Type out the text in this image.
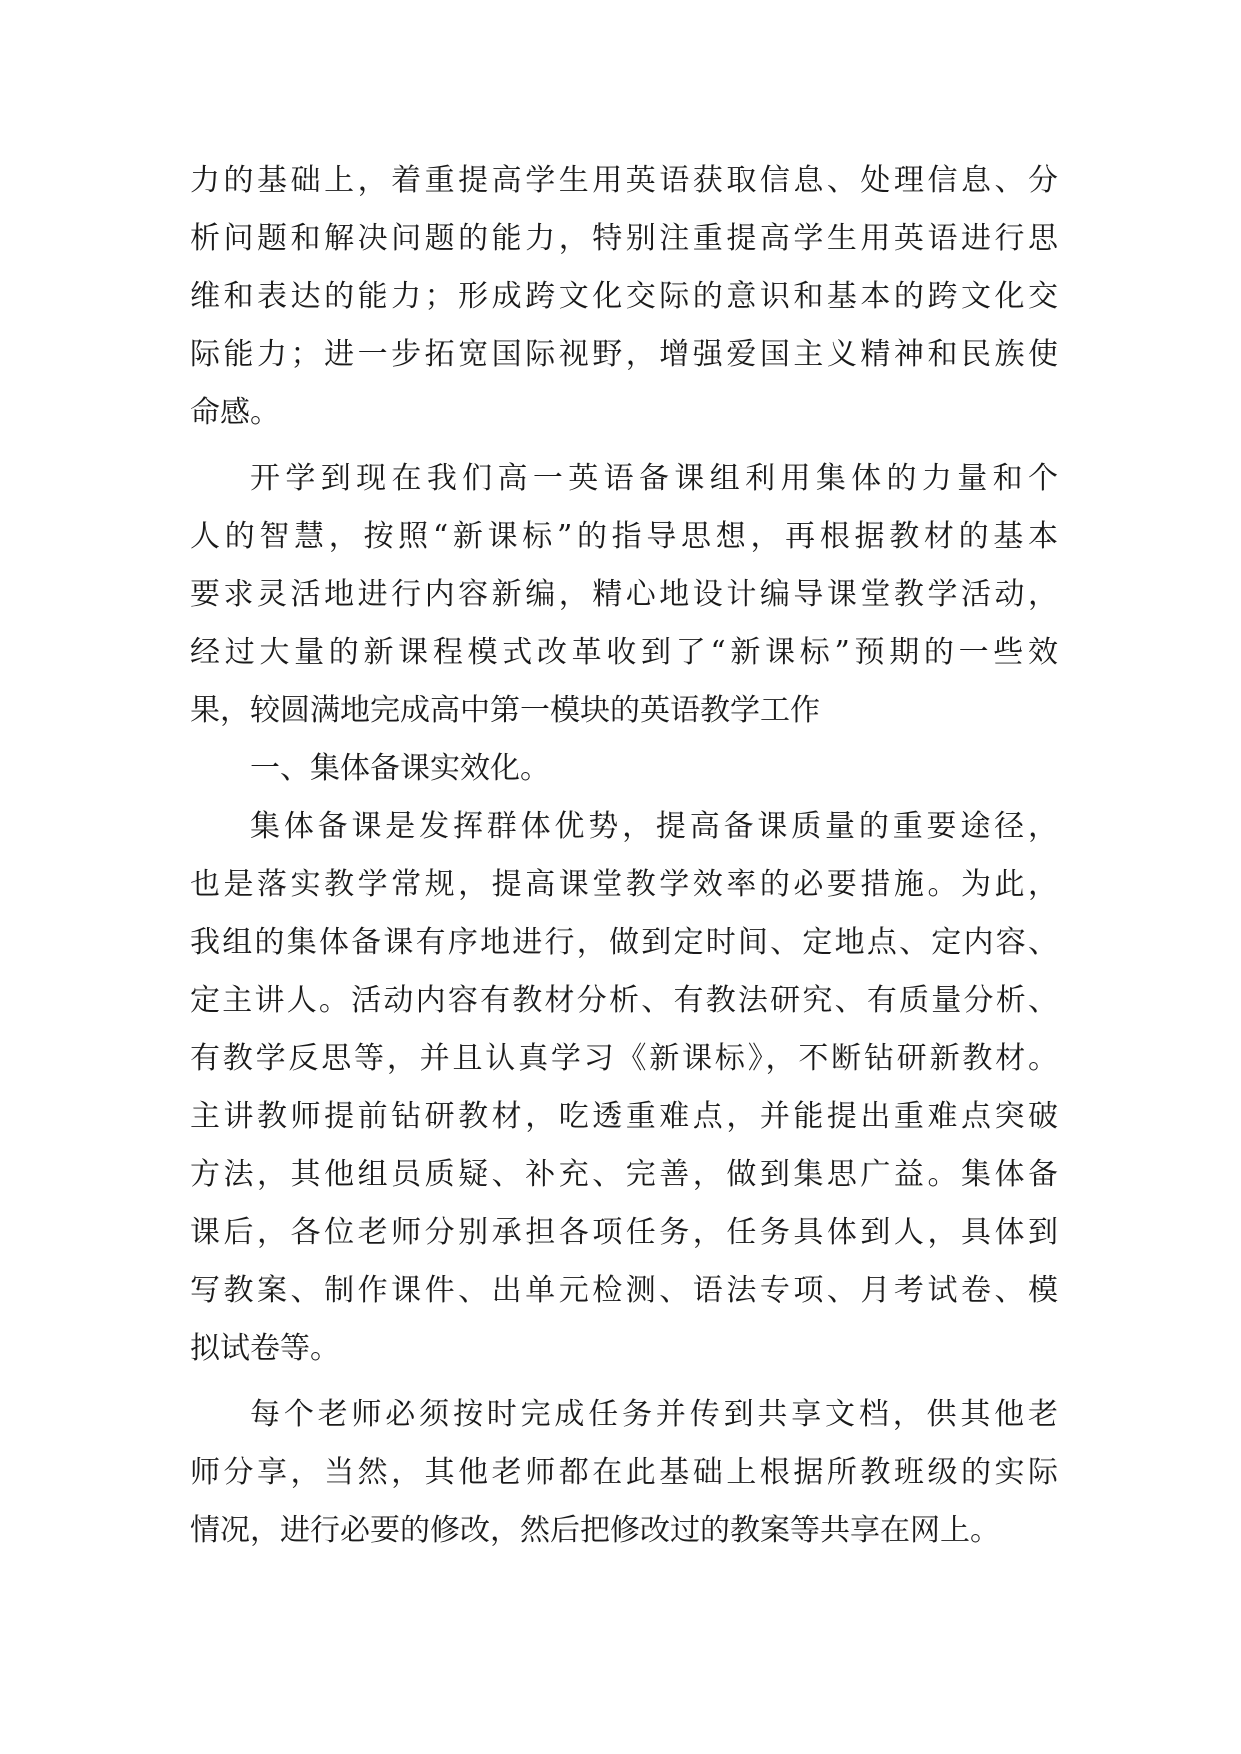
力的基础上，着重提高学生用英语获取信息、处理信息、分
析问题和解决问题的能力，特别注重提高学生用英语进行思
维和表达的能力；形成跨文化交际的意识和基本的跨文化交
际能力；进一步拓宽国际视野，增强爱国主义精神和民族使
命感。
开学到现在我们高一英语备课组利用集体的力量和个
人的智慧，按照“新课标”的指导思想，再根据教材的基本
要求灵活地进行内容新编，精心地设计编导课堂教学活动，
经过大量的新课程模式改革收到了“新课标”预期的一些效
果，较圆满地完成高中第一模块的英语教学工作
一、集体备课实效化。
集体备课是发挥群体优势，提高备课质量的重要途径，
也是落实教学常规，提高课堂教学效率的必要措施。为此，
我组的集体备课有序地进行，做到定时间、定地点、定内容、
定主讲人。活动内容有教材分析、有教法研究、有质量分析、
有教学反思等，并且认真学习《新课标》，不断钻研新教材。
主讲教师提前钻研教材，吃透重难点，并能提出重难点突破
方法，其他组员质疑、补充、完善，做到集思广益。集体备
课后，各位老师分别承担各项任务，任务具体到人，具体到
写教案、制作课件、出单元检测、语法专项、月考试卷、模
拟试卷等。
每个老师必须按时完成任务并传到共享文档，供其他老
师分享，当然，其他老师都在此基础上根据所教班级的实际
情况，进行必要的修改，然后把修改过的教案等共享在网上。
